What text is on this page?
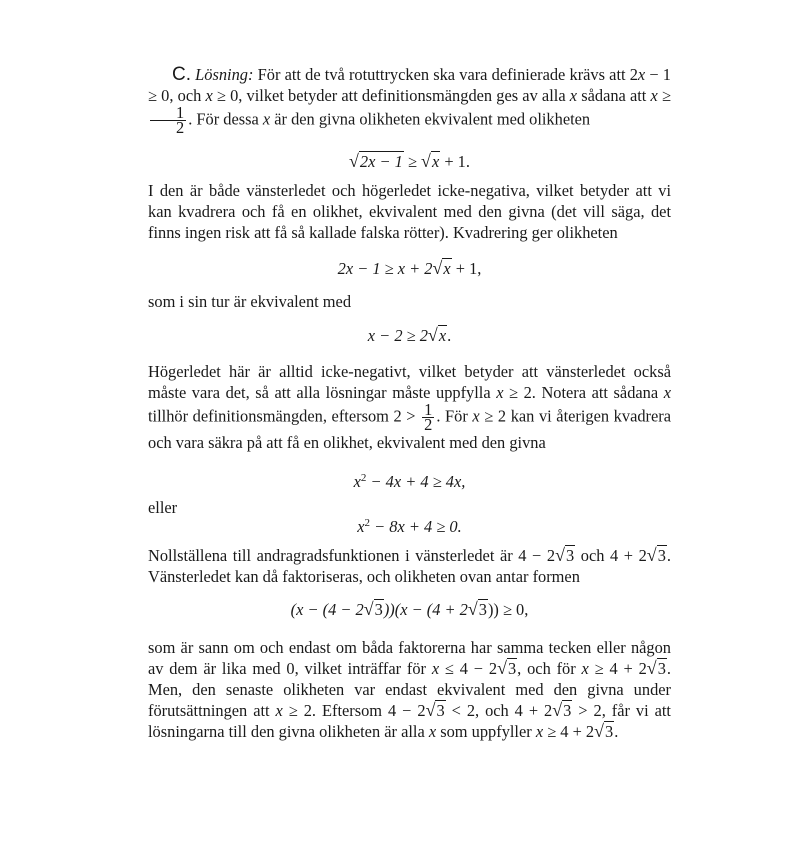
C. Lösning: För att de två rotuttrycken ska vara definierade krävs att 2x − 1 ≥ 0, och x ≥ 0, vilket betyder att definitionsmängden ges av alla x sådana att x ≥
$\frac{1}{2}$ . För dessa x är den givna olikheten ekvivalent med olikheten
√2x − 1 ≥ √x + 1.
I den är både vänsterledet och högerledet icke-negativa, vilket betyder att vi kan kvadrera och få en olikhet, ekvivalent med den givna (det vill säga, det finns ingen risk att få så kallade falska rötter). Kvadrering ger olikheten
2x − 1 ≥ x + 2√x + 1,
som i sin tur är ekvivalent med
x − 2 ≥ 2√x.
Högerledet här är alltid icke-negativt, vilket betyder att vänsterledet också måste vara det, så att alla lösningar måste uppfylla x ≥ 2. Notera att sådana x tillhör definitionsmängden, eftersom $2 > \frac{1}{2}$ . För x ≥ 2 kan vi återigen kvadrera och vara säkra på att få en olikhet, ekvivalent med den givna
$x^2 - 4x + 4 \ge 4x$,
eller
$x^2 - 8x + 4 \ge 0$.
Nollställena till andragradsfunktionen i vänsterledet är 4 − 2√3 och 4 + 2√3. Vänsterledet kan då faktoriseras, och olikheten ovan antar formen
(x − (4 − 2√3))(x − (4 + 2√3)) ≥ 0,
som är sann om och endast om båda faktorerna har samma tecken eller någon av dem är lika med 0, vilket inträffar för x ≤ 4 − 2√3, och för x ≥ 4 + 2√3. Men, den senaste olikheten var endast ekvivalent med den givna under förutsättningen att x ≥ 2. Eftersom 4 − 2√3 < 2, och 4 + 2√3 > 2, får vi att lösningarna till den givna olikheten är alla x som uppfyller x ≥ 4 + 2√3.
